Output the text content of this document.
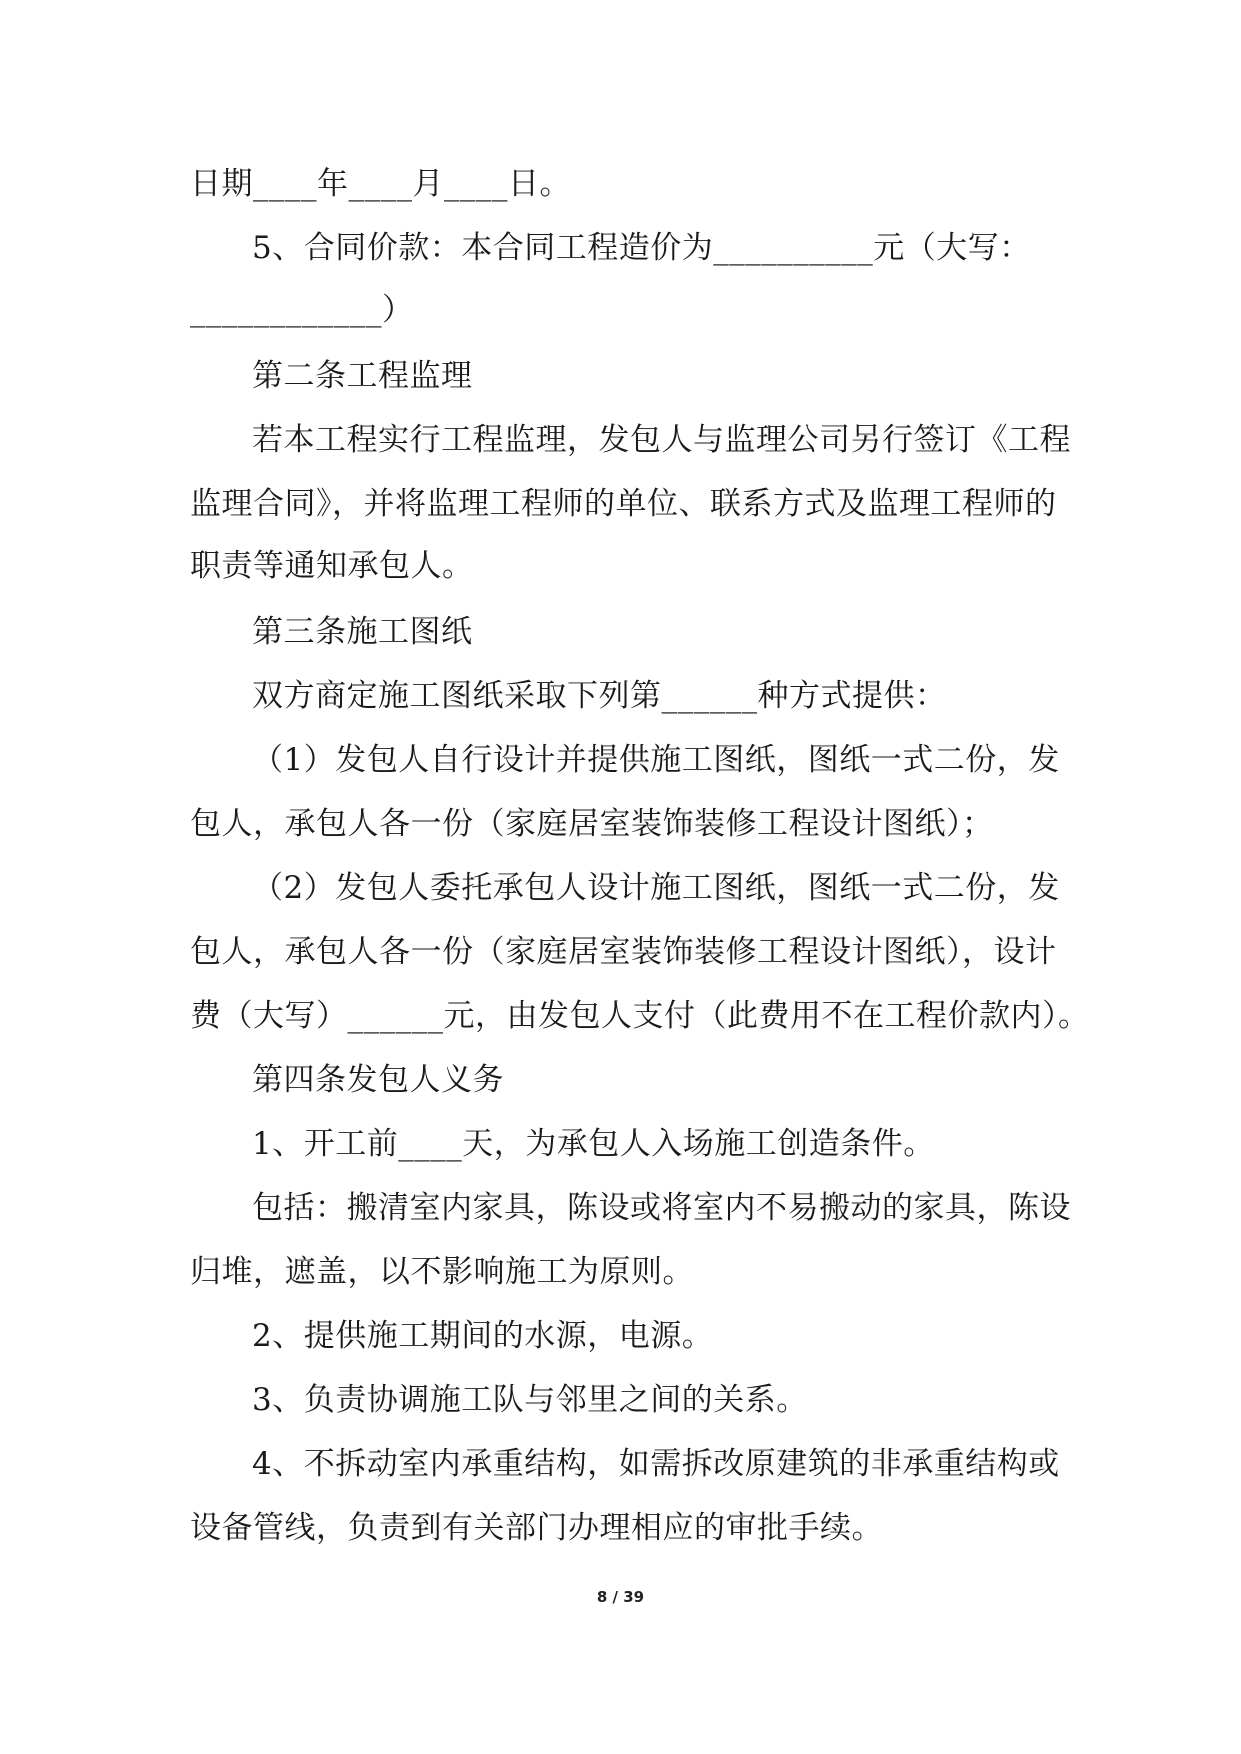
日期____年____月____日。
5、合同价款：本合同工程造价为__________元（大写：
____________）
第二条工程监理
若本工程实行工程监理，发包人与监理公司另行签订《工程
监理合同》，并将监理工程师的单位、联系方式及监理工程师的
职责等通知承包人。
第三条施工图纸
双方商定施工图纸采取下列第______种方式提供：
（1）发包人自行设计并提供施工图纸，图纸一式二份，发
包人，承包人各一份（家庭居室装饰装修工程设计图纸）；
（2）发包人委托承包人设计施工图纸，图纸一式二份，发
包人，承包人各一份（家庭居室装饰装修工程设计图纸），设计
费（大写）______元，由发包人支付（此费用不在工程价款内）。
第四条发包人义务
1、开工前____天，为承包人入场施工创造条件。
包括：搬清室内家具，陈设或将室内不易搬动的家具，陈设
归堆，遮盖，以不影响施工为原则。
2、提供施工期间的水源，电源。
3、负责协调施工队与邻里之间的关系。
4、不拆动室内承重结构，如需拆改原建筑的非承重结构或
设备管线，负责到有关部门办理相应的审批手续。
8 / 39
